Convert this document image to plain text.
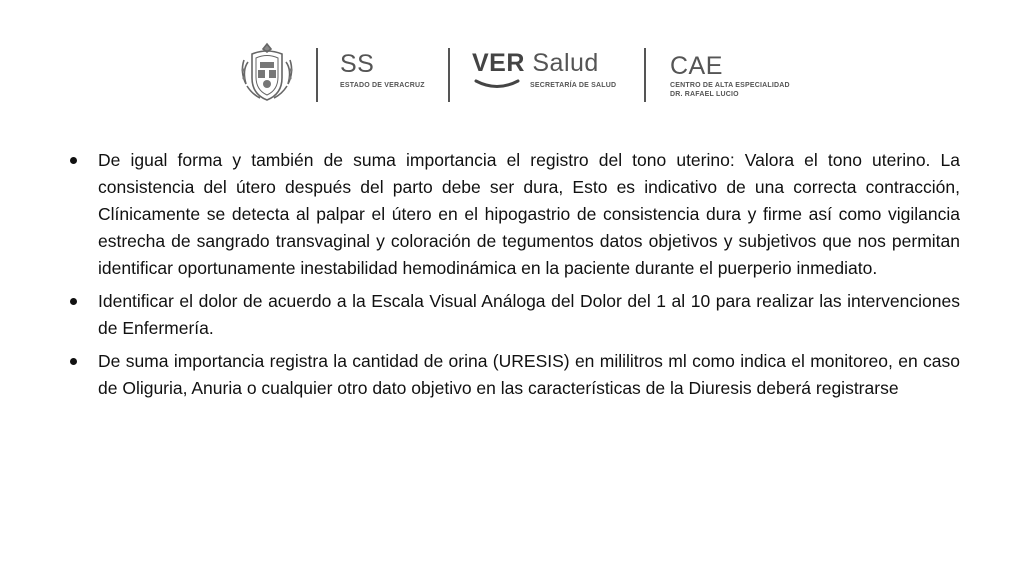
SS
ESTADO DE VERACRUZ
VER Salud
SECRETARÍA DE SALUD
CAE
CENTRO DE ALTA ESPECIALIDAD
DR. RAFAEL LUCIO
De igual forma y también de suma importancia el registro del tono uterino: Valora el tono uterino. La consistencia del útero después del parto debe ser dura, Esto es indicativo de una correcta contracción, Clínicamente se detecta al palpar el útero en el hipogastrio de consistencia dura y firme así como vigilancia estrecha de sangrado transvaginal y coloración de tegumentos datos objetivos y subjetivos que nos permitan identificar oportunamente inestabilidad hemodinámica en la paciente durante el puerperio inmediato.
Identificar el dolor de acuerdo a la Escala Visual Análoga del Dolor del 1 al 10 para realizar las intervenciones de Enfermería.
De suma importancia registra la cantidad de orina (URESIS) en mililitros ml como indica el monitoreo, en caso de Oliguria, Anuria o cualquier otro dato objetivo en las características de la Diuresis deberá registrarse
